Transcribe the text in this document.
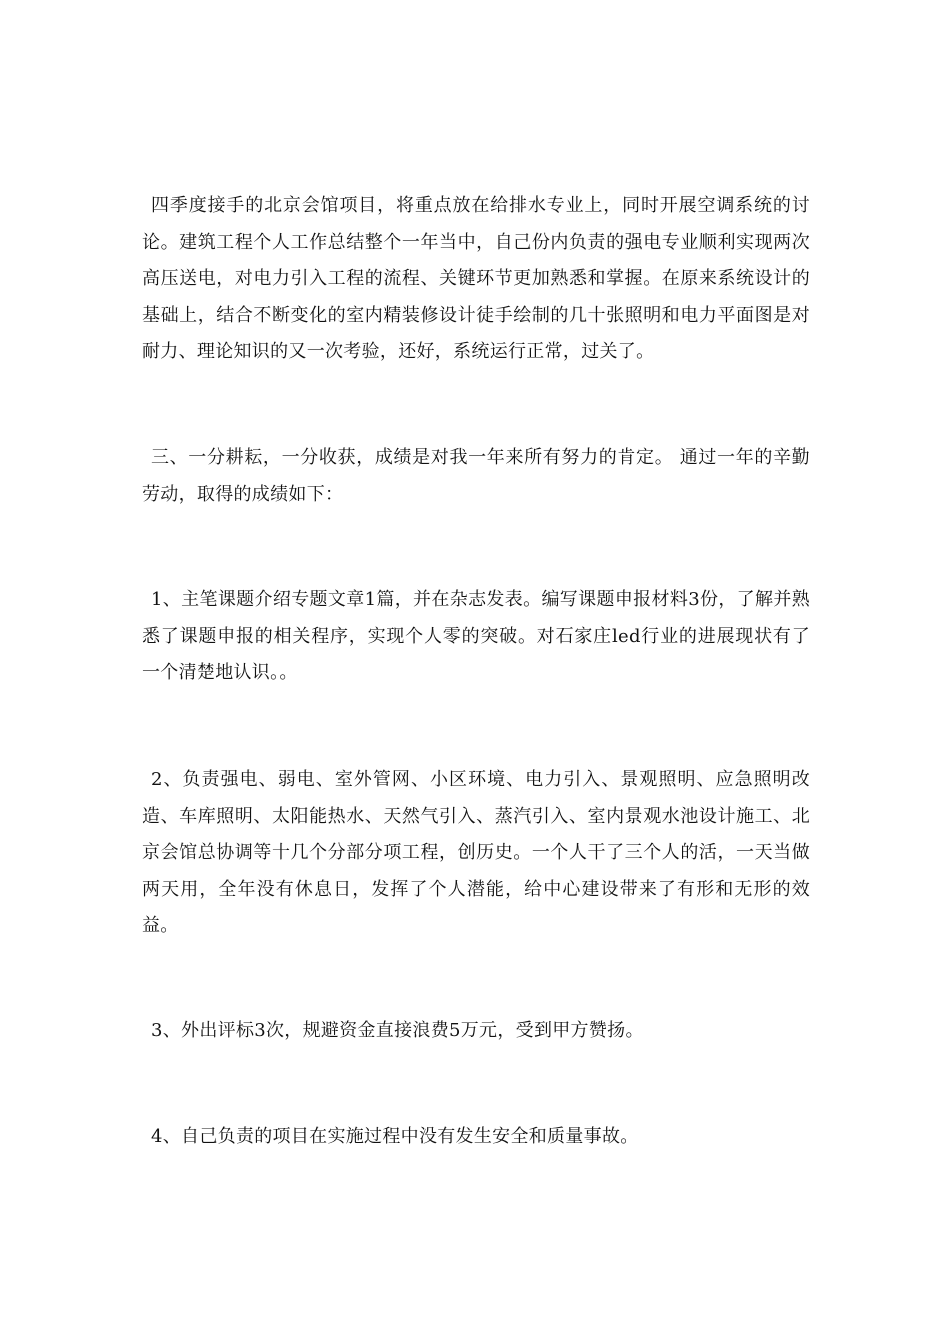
四季度接手的北京会馆项目，将重点放在给排水专业上，同时开展空调系统的讨论。建筑工程个人工作总结整个一年当中，自己份内负责的强电专业顺利实现两次高压送电，对电力引入工程的流程、关键环节更加熟悉和掌握。在原来系统设计的基础上，结合不断变化的室内精装修设计徒手绘制的几十张照明和电力平面图是对耐力、理论知识的又一次考验，还好，系统运行正常，过关了。

三、一分耕耘，一分收获，成绩是对我一年来所有努力的肯定。 通过一年的辛勤劳动，取得的成绩如下：

1、主笔课题介绍专题文章1篇，并在杂志发表。编写课题申报材料3份，了解并熟悉了课题申报的相关程序，实现个人零的突破。对石家庄led行业的进展现状有了一个清楚地认识。。

2、负责强电、弱电、室外管网、小区环境、电力引入、景观照明、应急照明改造、车库照明、太阳能热水、天然气引入、蒸汽引入、室内景观水池设计施工、北京会馆总协调等十几个分部分项工程，创历史。一个人干了三个人的活，一天当做两天用，全年没有休息日，发挥了个人潜能，给中心建设带来了有形和无形的效益。

3、外出评标3次，规避资金直接浪费5万元，受到甲方赞扬。

4、自己负责的项目在实施过程中没有发生安全和质量事故。
